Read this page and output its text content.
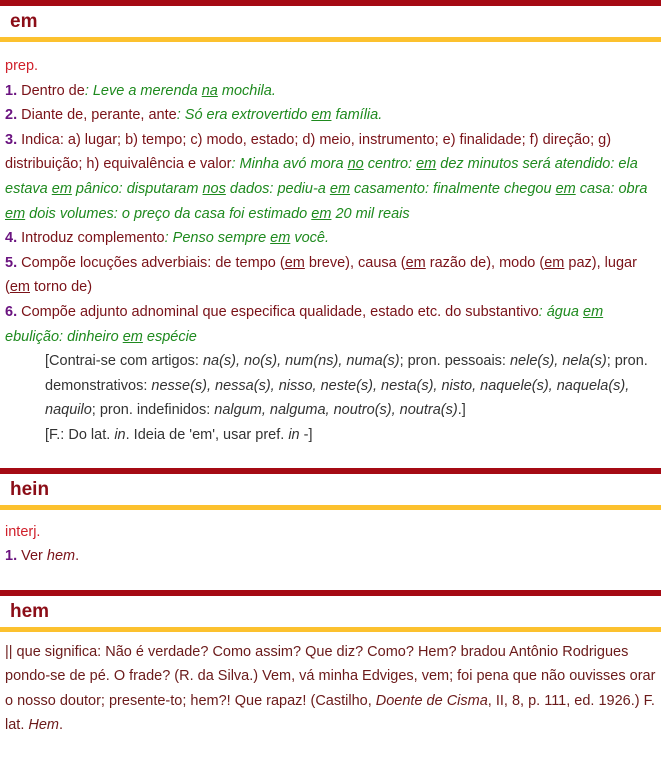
em
prep.
1. Dentro de: Leve a merenda na mochila.
2. Diante de, perante, ante: Só era extrovertido em família.
3. Indica: a) lugar; b) tempo; c) modo, estado; d) meio, instrumento; e) finalidade; f) direção; g) distribuição; h) equivalência e valor: Minha avó mora no centro: em dez minutos será atendido: ela estava em pânico: disputaram nos dados: pediu-a em casamento: finalmente chegou em casa: obra em dois volumes: o preço da casa foi estimado em 20 mil reais
4. Introduz complemento: Penso sempre em você.
5. Compõe locuções adverbiais: de tempo (em breve), causa (em razão de), modo (em paz), lugar (em torno de)
6. Compõe adjunto adnominal que especifica qualidade, estado etc. do substantivo: água em ebulição: dinheiro em espécie
[Contrai-se com artigos: na(s), no(s), num(ns), numa(s); pron. pessoais: nele(s), nela(s); pron. demonstrativos: nesse(s), nessa(s), nisso, neste(s), nesta(s), nisto, naquele(s), naquela(s), naquilo; pron. indefinidos: nalgum, nalguma, noutro(s), noutra(s).]
[F.: Do lat. in. Ideia de 'em', usar pref. in -]
hein
interj.
1. Ver hem.
hem
|| que significa: Não é verdade? Como assim? Que diz? Como? Hem? bradou Antônio Rodrigues pondo-se de pé. O frade? (R. da Silva.) Vem, vá minha Edviges, vem; foi pena que não ouvisses orar o nosso doutor; presente-to; hem?! Que rapaz! (Castilho, Doente de Cisma, II, 8, p. 111, ed. 1926.) F. lat. Hem.
